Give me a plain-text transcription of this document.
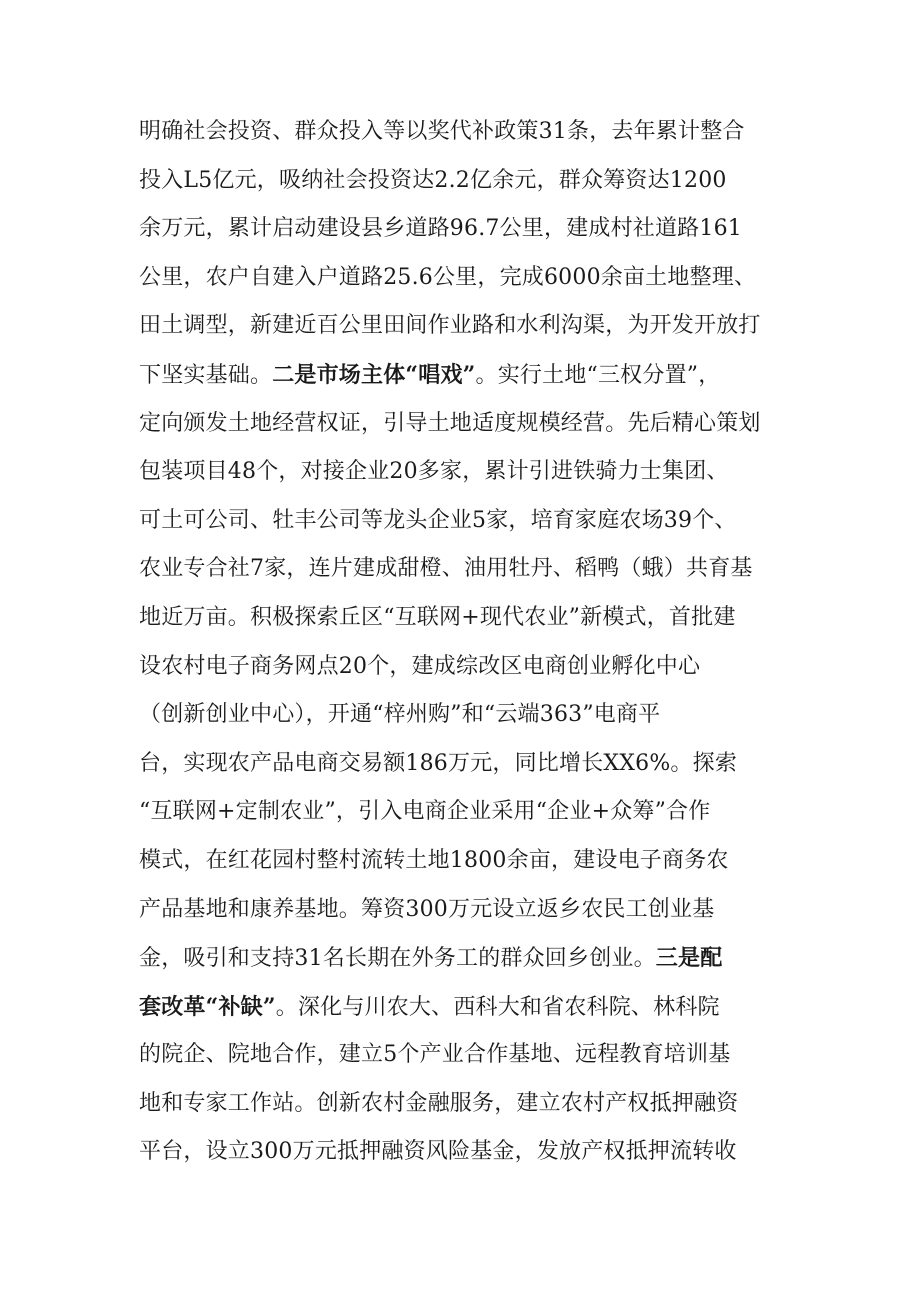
明确社会投资、群众投入等以奖代补政策31条，去年累计整合
投入L5亿元，吸纳社会投资达2.2亿余元，群众筹资达1200
余万元，累计启动建设县乡道路96.7公里，建成村社道路161
公里，农户自建入户道路25.6公里，完成6000余亩土地整理、
田土调型，新建近百公里田间作业路和水利沟渠，为开发开放打
下坚实基础。二是市场主体“唱戏”。实行土地“三权分置”，
定向颁发土地经营权证，引导土地适度规模经营。先后精心策划
包装项目48个，对接企业20多家，累计引进铁骑力士集团、
可土可公司、牡丰公司等龙头企业5家，培育家庭农场39个、
农业专合社7家，连片建成甜橙、油用牡丹、稻鸭（蛾）共育基
地近万亩。积极探索丘区“互联网+现代农业”新模式，首批建
设农村电子商务网点20个，建成综改区电商创业孵化中心
（创新创业中心），开通“梓州购”和“云端363”电商平
台，实现农产品电商交易额186万元，同比增长XX6%。探索
“互联网+定制农业”，引入电商企业采用“企业+众筹”合作
模式，在红花园村整村流转土地1800余亩，建设电子商务农
产品基地和康养基地。筹资300万元设立返乡农民工创业基
金，吸引和支持31名长期在外务工的群众回乡创业。三是配
套改革“补缺”。深化与川农大、西科大和省农科院、林科院
的院企、院地合作，建立5个产业合作基地、远程教育培训基
地和专家工作站。创新农村金融服务，建立农村产权抵押融资
平台，设立300万元抵押融资风险基金，发放产权抵押流转收
